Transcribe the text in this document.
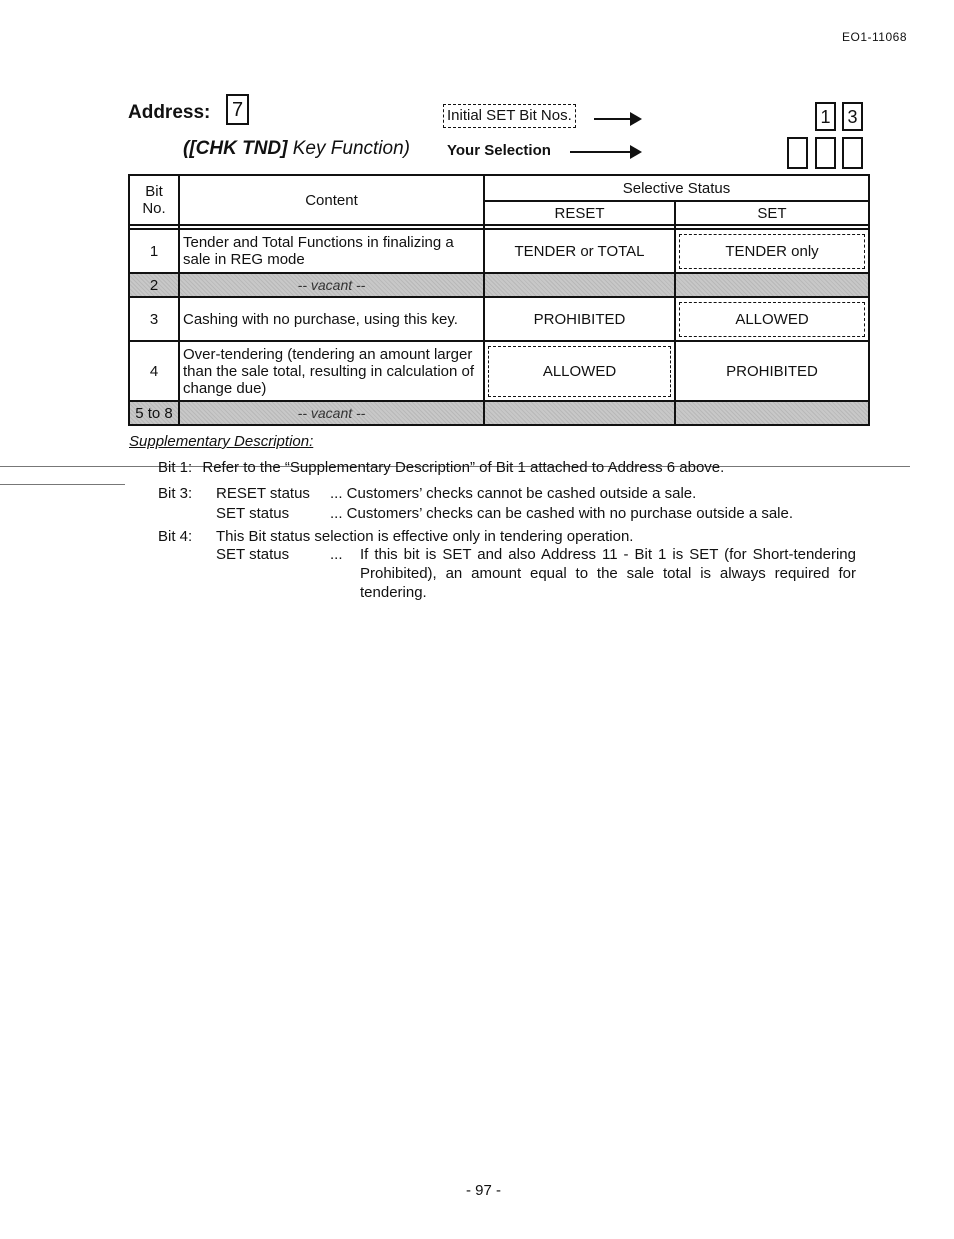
EO1-11068
Address: 7
([CHK TND] Key Function)
Initial SET Bit Nos.	1 3
Your Selection
Bit No.	Content	Selective Status	
		RESET	SET

1	Tender and Total Functions in finalizing a sale in REG mode	TENDER or TOTAL	TENDER only

2	-- vacant --		
3	Cashing with no purchase, using this key.	PROHIBITED	ALLOWED

4	Over-tendering (tendering an amount larger than the sale total, resulting in calculation of change due)	ALLOWED	PROHIBITED
5 to 8	-- vacant --		
Supplementary Description:
Bit 1: Refer to the “Supplementary Description” of Bit 1 attached to Address 6 above.
Bit 3: RESET status ... Customers’ checks cannot be cashed outside a sale.
SET status	... Customers’ checks can be cashed with no purchase outside a sale.
Bit 4: This Bit status selection is effective only in tendering operation.
SET status	... If this bit is SET and also Address 11 - Bit 1 is SET (for Short-tendering Prohibited), an amount equal to the sale total is always required for tendering.
- 97 -
